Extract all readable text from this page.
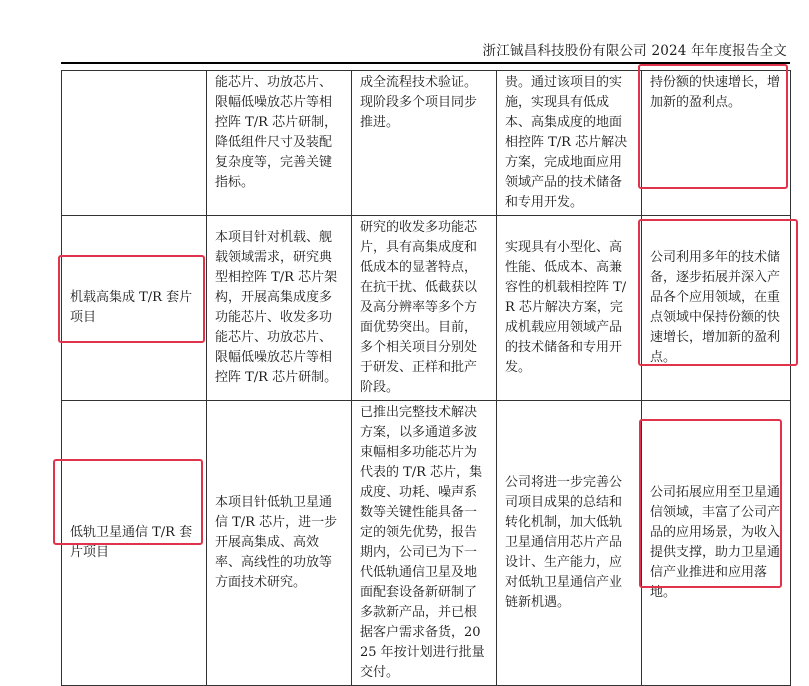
浙江铖昌科技股份有限公司 2024 年年度报告全文
	能芯片、功放芯片、限幅低噪放芯片等相控阵 T/R 芯片研制，降低组件尺寸及装配复杂度等，完善关键指标。	成全流程技术验证。现阶段多个项目同步推进。	贵。通过该项目的实施，实现具有低成本、高集成度的地面相控阵 T/R 芯片解决方案，完成地面应用领域产品的技术储备和专用开发。	持份额的快速增长，增加新的盈利点。
机载高集成 T/R 套片项目	本项目针对机载、舰载领域需求，研究典型相控阵 T/R 芯片架构，开展高集成度多功能芯片、收发多功能芯片、功放芯片、限幅低噪放芯片等相控阵 T/R 芯片研制。	研究的收发多功能芯片，具有高集成度和低成本的显著特点，在抗干扰、低截获以及高分辨率等多个方面优势突出。目前，多个相关项目分别处于研发、正样和批产阶段。	实现具有小型化、高性能、低成本、高兼容性的机载相控阵 T/R 芯片解决方案，完成机载应用领域产品的技术储备和专用开发。	公司利用多年的技术储备，逐步拓展并深入产品各个应用领域，在重点领域中保持份额的快速增长，增加新的盈利点。
低轨卫星通信 T/R 套片项目	本项目针低轨卫星通信 T/R 芯片，进一步开展高集成、高效率、高线性的功放等方面技术研究。	已推出完整技术解决方案，以多通道多波束幅相多功能芯片为代表的 T/R 芯片，集成度、功耗、噪声系数等关键性能具备一定的领先优势，报告期内，公司已为下一代低轨通信卫星及地面配套设备新研制了多款新产品，并已根据客户需求备货，2025 年按计划进行批量交付。	公司将进一步完善公司项目成果的总结和转化机制，加大低轨卫星通信用芯片产品设计、生产能力，应对低轨卫星通信产业链新机遇。	公司拓展应用至卫星通信领域，丰富了公司产品的应用场景，为收入提供支撑，助力卫星通信产业推进和应用落地。
